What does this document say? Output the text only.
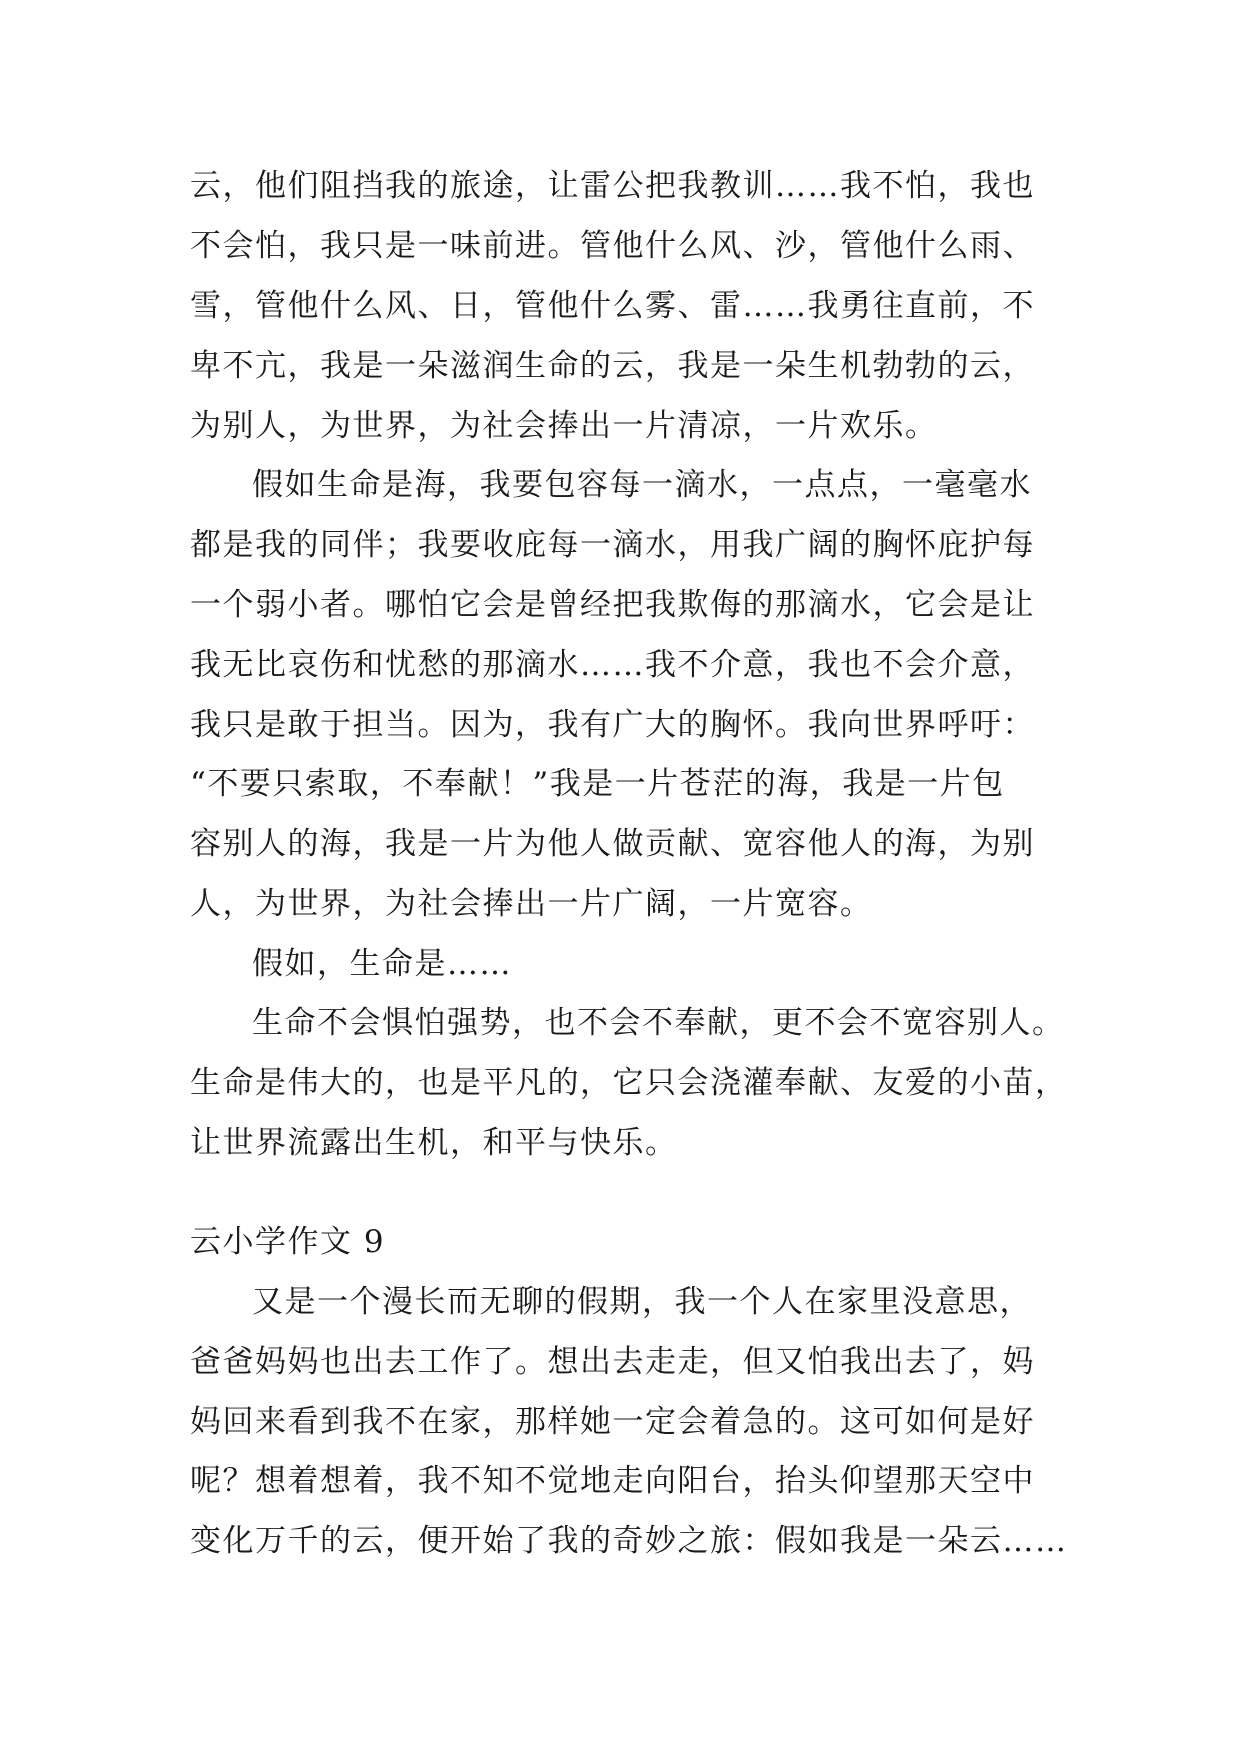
云，他们阻挡我的旅途，让雷公把我教训……我不怕，我也
不会怕，我只是一味前进。管他什么风、沙，管他什么雨、
雪，管他什么风、日，管他什么雾、雷……我勇往直前，不
卑不亢，我是一朵滋润生命的云，我是一朵生机勃勃的云，
为别人，为世界，为社会捧出一片清凉，一片欢乐。
假如生命是海，我要包容每一滴水，一点点，一毫毫水
都是我的同伴；我要收庇每一滴水，用我广阔的胸怀庇护每
一个弱小者。哪怕它会是曾经把我欺侮的那滴水，它会是让
我无比哀伤和忧愁的那滴水……我不介意，我也不会介意，
我只是敢于担当。因为，我有广大的胸怀。我向世界呼吁：
“不要只索取，不奉献！”我是一片苍茫的海，我是一片包
容别人的海，我是一片为他人做贡献、宽容他人的海，为别
人，为世界，为社会捧出一片广阔，一片宽容。
假如，生命是……
生命不会惧怕强势，也不会不奉献，更不会不宽容别人。
生命是伟大的，也是平凡的，它只会浇灌奉献、友爱的小苗，
让世界流露出生机，和平与快乐。
云小学作文 9
又是一个漫长而无聊的假期，我一个人在家里没意思，
爸爸妈妈也出去工作了。想出去走走，但又怕我出去了，妈
妈回来看到我不在家，那样她一定会着急的。这可如何是好
呢？想着想着，我不知不觉地走向阳台，抬头仰望那天空中
变化万千的云，便开始了我的奇妙之旅：假如我是一朵云……
